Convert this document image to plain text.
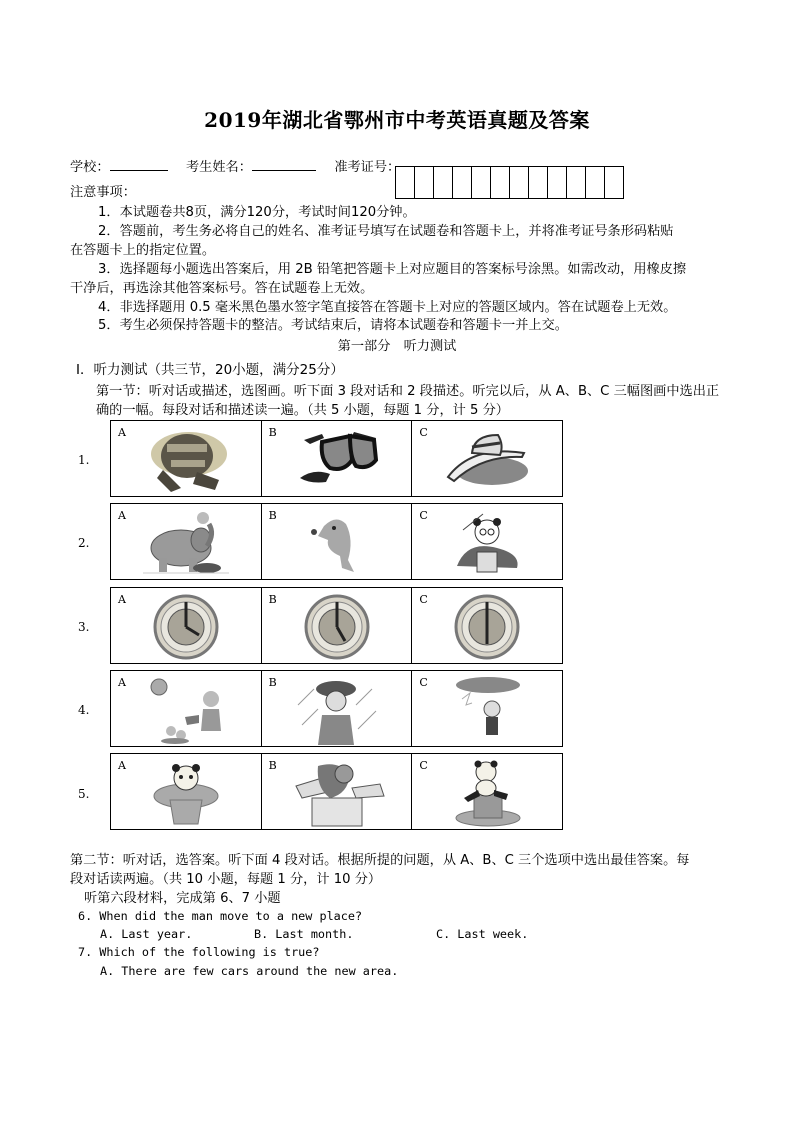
2019年湖北省鄂州市中考英语真题及答案
学校：	考生姓名：	准考证号：
注意事项：
1．本试题卷共8页，满分120分，考试时间120分钟。
2．答题前，考生务必将自己的姓名、准考证号填写在试题卷和答题卡上，并将准考证号条形码粘贴
在答题卡上的指定位置。
3．选择题每小题选出答案后，用 2B 铅笔把答题卡上对应题目的答案标号涂黑。如需改动，用橡皮擦
干净后，再选涂其他答案标号。答在试题卷上无效。
4．非选择题用 0.5 毫米黑色墨水签字笔直接答在答题卡上对应的答题区域内。答在试题卷上无效。
5．考生必须保持答题卡的整洁。考试结束后，请将本试题卷和答题卡一并上交。
第一部分　听力测试
Ⅰ．听力测试（共三节，20小题，满分25分）
第一节：听对话或描述，选图画。听下面 3 段对话和 2 段描述。听完以后，从 A、B、C 三幅图画中选出正
确的一幅。每段对话和描述读一遍。（共 5 小题，每题 1 分，计 5 分）
1.
A	B	C
2.
A	B	C
3.
A	B	C
4.
A	B	C
5.
A	B	C
第二节：听对话，选答案。听下面 4 段对话。根据所提的问题，从 A、B、C 三个选项中选出最佳答案。每
段对话读两遍。（共 10 小题，每题 1 分，计 10 分）
听第六段材料，完成第 6、7 小题
6. When did the man move to a new place?
A. Last year.	B. Last month.	C. Last week.
7. Which of the following is true?
A. There are few cars around the new area.
